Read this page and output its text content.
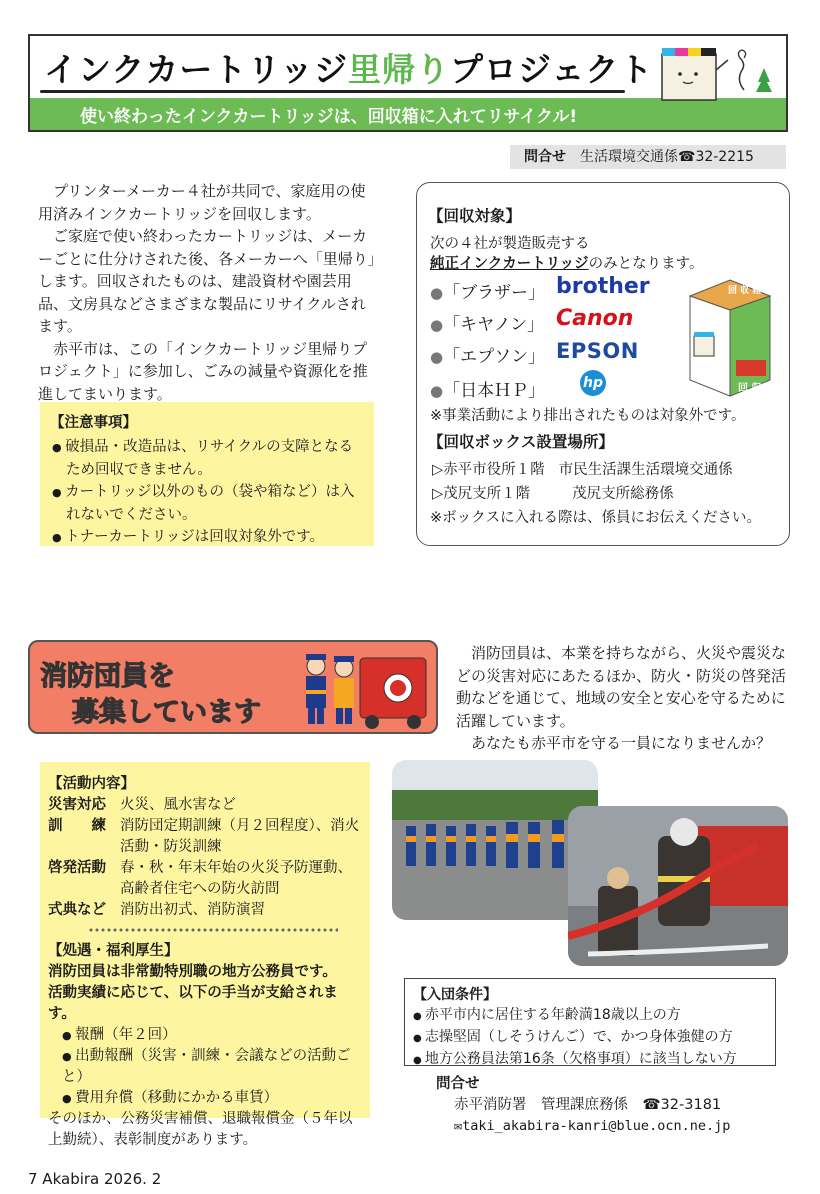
インクカートリッジ里帰りプロジェクト
使い終わったインクカートリッジは、回収箱に入れてリサイクル!
問合せ 生活環境交通係☎32-2215

プリンターメーカー４社が共同で、家庭用の使用済みインクカートリッジを回収します。

ご家庭で使い終わったカートリッジは、メーカーごとに仕分けされた後、各メーカーへ「里帰り」します。回収されたものは、建設資材や園芸用品、文房具などさまざまな製品にリサイクルされます。

赤平市は、この「インクカートリッジ里帰りプロジェクト」に参加し、ごみの減量や資源化を推進してまいります。

【注意事項】
● 破損品・改造品は、リサイクルの支障となるため回収できません。
● カートリッジ以外のもの（袋や箱など）は入れないでください。
● トナーカートリッジは回収対象外です。
【回収対象】
次の４社が製造販売する
純正インクカートリッジのみとなります。
●「ブラザー」
●「キヤノン」
●「エプソン」
●「日本ＨＰ」
brother
Canon
EPSON
hp
回 収 箱
回 収 箱
※事業活動により排出されたものは対象外です。
【回収ボックス設置場所】
▷赤平市役所１階 市民生活課生活環境交通係
▷茂尻支所１階	茂尻支所総務係
※ボックスに入れる際は、係員にお伝えください。
消防団員を
募集しています

消防団員は、本業を持ちながら、火災や震災などの災害対応にあたるほか、防火・防災の啓発活動などを通じて、地域の安全と安心を守るために活躍しています。

あなたも赤平市を守る一員になりませんか？

【活動内容】
災害対応 火災、風水害など
訓　　練 消防団定期訓練（月２回程度）、消火活動・防災訓練
啓発活動 春・秋・年末年始の火災予防運動、高齢者住宅への防火訪問
式典など 消防出初式、消防演習
【処遇・福利厚生】
消防団員は非常勤特別職の地方公務員です。
活動実績に応じて、以下の手当が支給されます。
● 報酬（年２回）
● 出動報酬（災害・訓練・会議などの活動ごと）
● 費用弁償（移動にかかる車賃）
そのほか、公務災害補償、退職報償金（５年以上勤続）、表彰制度があります。
【入団条件】
● 赤平市内に居住する年齢満18歳以上の方
● 志操堅固（しそうけんご）で、かつ身体強健の方
● 地方公務員法第16条（欠格事項）に該当しない方
問合せ
赤平消防署　管理課庶務係　☎32-3181
✉taki_akabira-kanri@blue.ocn.ne.jp
7 Akabira 2026. 2
